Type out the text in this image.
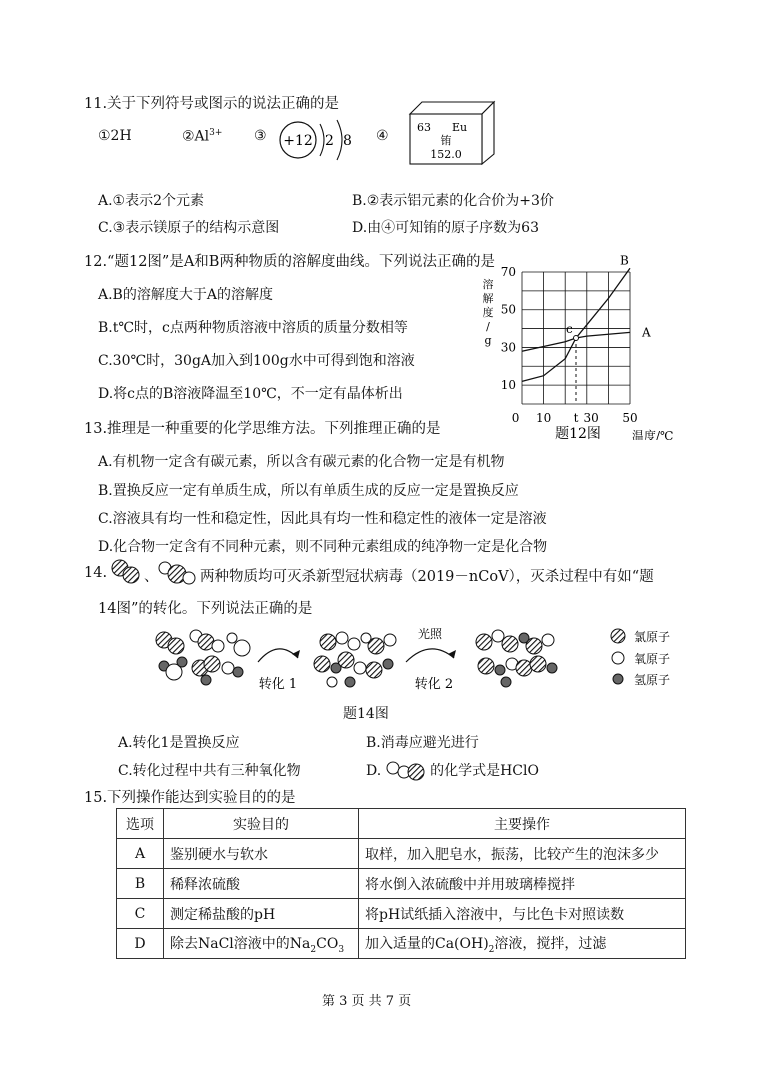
11.关于下列符号或图示的说法正确的是
①2H	$②Al^{3+}$ ③ +12 2 8 ④
63 Eu
铕
152.0
A.①表示2个元素	B.②表示铝元素的化合价为+3价
C.③表示镁原子的结构示意图	D.由④可知铕的原子序数为63
12.“题12图”是A和B两种物质的溶解度曲线。下列说法正确的是
A.B的溶解度大于A的溶解度
B.t℃时，c点两种物质溶液中溶质的质量分数相等
C.30℃时，30gA加入到100g水中可得到饱和溶液
D.将c点的B溶液降温至10℃，不一定有晶体析出
10
30
50
70
0 10 t 30 50
溶
解
度
/
g
温度/℃
A
B
c
题12图
13.推理是一种重要的化学思维方法。下列推理正确的是
A.有机物一定含有碳元素，所以含有碳元素的化合物一定是有机物
B.置换反应一定有单质生成，所以有单质生成的反应一定是置换反应
C.溶液具有均一性和稳定性，因此具有均一性和稳定性的液体一定是溶液
D.化合物一定含有不同种元素，则不同种元素组成的纯净物一定是化合物
14.	、	两种物质均可灭杀新型冠状病毒（2019－nCoV），灭杀过程中有如“题
14图”的转化。下列说法正确的是
转化 1
光照
转化 2
氯原子
氧原子
氢原子
题14图
A.转化1是置换反应	B.消毒应避光进行
C.转化过程中共有三种氧化物	D.	的化学式是HClO
15.下列操作能达到实验目的的是
选项	实验目的	主要操作
A	鉴别硬水与软水	取样，加入肥皂水，振荡，比较产生的泡沫多少
B	稀释浓硫酸	将水倒入浓硫酸中并用玻璃棒搅拌
C	测定稀盐酸的pH	将pH试纸插入溶液中，与比色卡对照读数
D	除去NaCl溶液中的$Na_2CO_3$	加入适量的$Ca(OH)_2$溶液，搅拌，过滤
第 3 页 共 7 页
